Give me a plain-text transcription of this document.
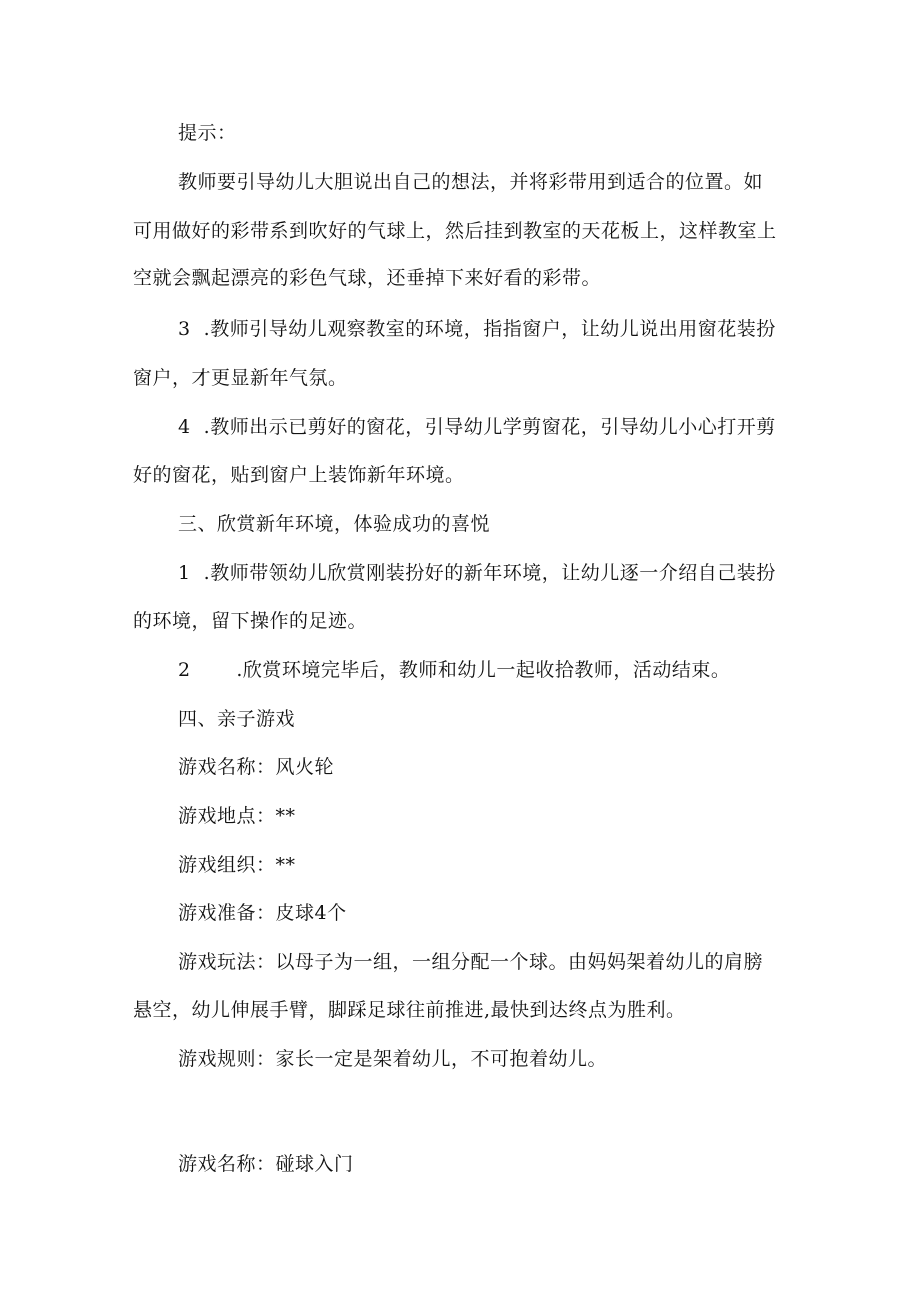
提示：
教师要引导幼儿大胆说出自己的想法，并将彩带用到适合的位置。如
可用做好的彩带系到吹好的气球上，然后挂到教室的天花板上，这样教室上
空就会飘起漂亮的彩色气球，还垂掉下来好看的彩带。
3  .教师引导幼儿观察教室的环境，指指窗户，让幼儿说出用窗花装扮
窗户，才更显新年气氛。
4  .教师出示已剪好的窗花，引导幼儿学剪窗花，引导幼儿小心打开剪
好的窗花，贴到窗户上装饰新年环境。
三、欣赏新年环境，体验成功的喜悦
1  .教师带领幼儿欣赏刚装扮好的新年环境，让幼儿逐一介绍自己装扮
的环境，留下操作的足迹。
2       .欣赏环境完毕后，教师和幼儿一起收拾教师，活动结束。
四、亲子游戏
游戏名称：风火轮
游戏地点：**
游戏组织：**
游戏准备：皮球4个
游戏玩法：以母子为一组，一组分配一个球。由妈妈架着幼儿的肩膀
悬空，幼儿伸展手臂，脚踩足球往前推进,最快到达终点为胜利。
游戏规则：家长一定是架着幼儿，不可抱着幼儿。
游戏名称：碰球入门
